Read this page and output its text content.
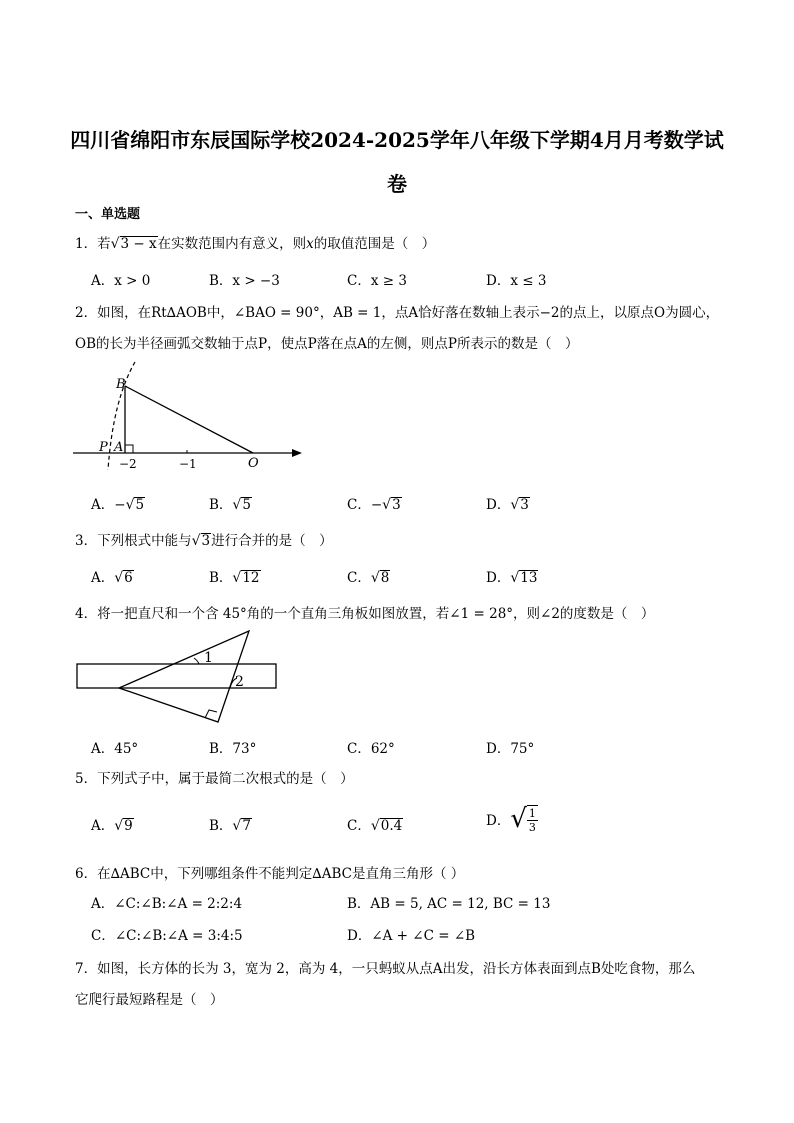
四川省绵阳市东辰国际学校2024-2025学年八年级下学期4月月考数学试
卷
一、单选题
1．若√3 − x在实数范围内有意义，则x的取值范围是（　）
A．x > 0	B．x > −3	C．x ≥ 3	D．x ≤ 3
2．如图，在Rt∆AOB中，∠BAO = 90°，AB = 1，点A恰好落在数轴上表示−2的点上，以原点O为圆心，
OB的长为半径画弧交数轴于点P，使点P落在点A的左侧，则点P所表示的数是（　）
B
P A
O
−2	−1
A．−√5	B．√5	C．−√3	D．√3
3．下列根式中能与√3进行合并的是（　）
A．√6	B．√12	C．√8	D．√13
4．将一把直尺和一个含 45°角的一个直角三角板如图放置，若∠1 = 28°，则∠2的度数是（　）
1
2
A．45°	B．73°	C．62°	D．75°
5．下列式子中，属于最简二次根式的是（　）
A．√9	B．√7	C．√0.4	D．√ $\frac{1}{3}$
6．在∆ABC中，下列哪组条件不能判定∆ABC是直角三角形（ ）
A．∠C:∠B:∠A = 2:2:4	B．AB = 5, AC = 12, BC = 13
C．∠C:∠B:∠A = 3:4:5	D．∠A + ∠C = ∠B
7．如图，长方体的长为 3，宽为 2，高为 4，一只蚂蚁从点A出发，沿长方体表面到点B处吃食物，那么
它爬行最短路程是（　）
